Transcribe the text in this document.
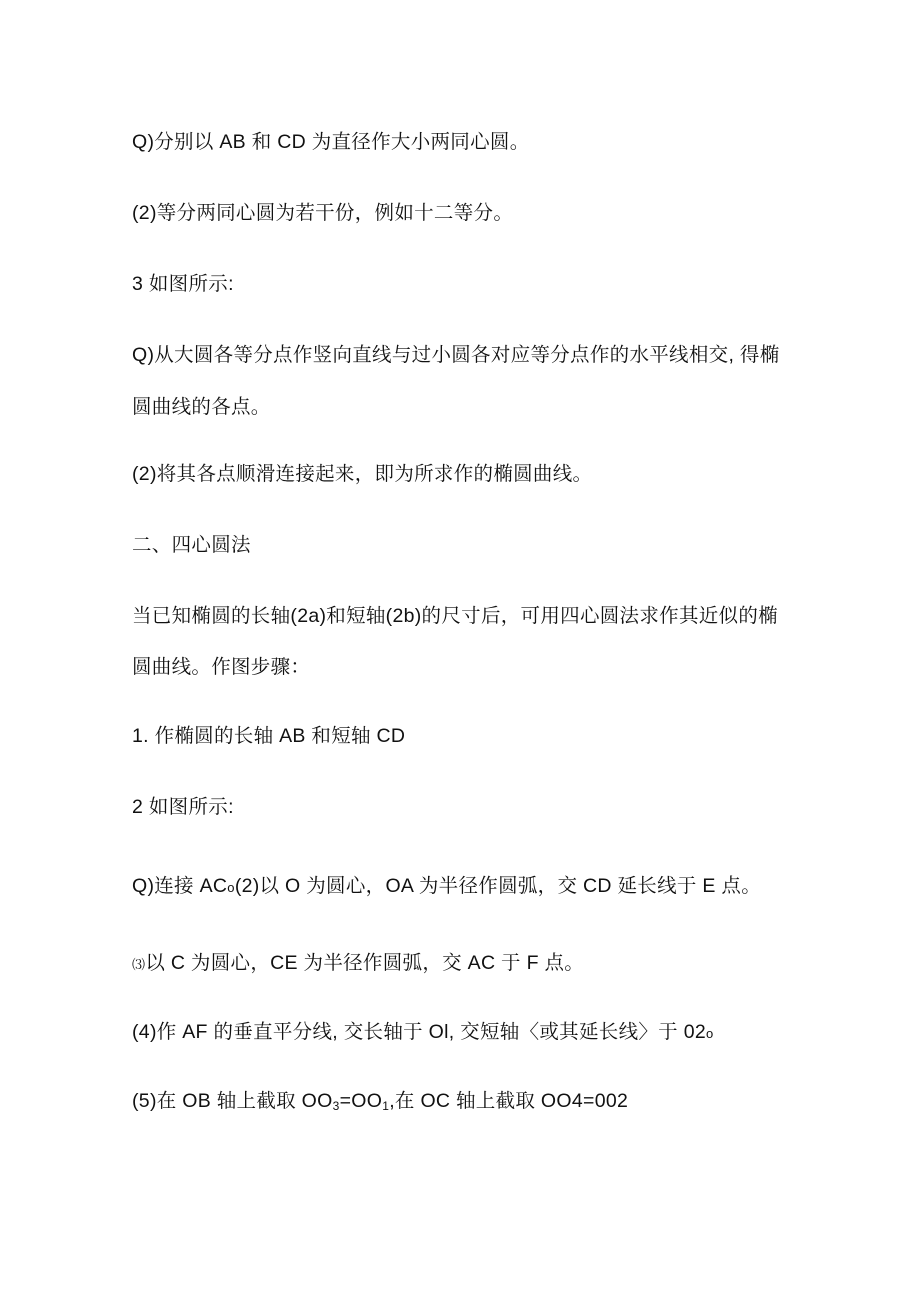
Q)分别以 AB 和 CD 为直径作大小两同心圆。
(2)等分两同心圆为若干份，例如十二等分。
3 如图所示:
Q)从大圆各等分点作竖向直线与过小圆各对应等分点作的水平线相交, 得椭
圆曲线的各点。
(2)将其各点顺滑连接起来，即为所求作的椭圆曲线。
二、四心圆法
当已知椭圆的长轴(2a)和短轴(2b)的尺寸后，可用四心圆法求作其近似的椭
圆曲线。作图步骤：
1. 作椭圆的长轴 AB 和短轴 CD
2 如图所示:
Q)连接 ACo(2)以 O 为圆心，OA 为半径作圆弧，交 CD 延长线于 E 点。
⑶以 C 为圆心，CE 为半径作圆弧，交 AC 于 F 点。
(4)作 AF 的垂直平分线, 交长轴于 Ol, 交短轴〈或其延长线〉于 02o
(5)在 OB 轴上截取 $OO_3=OO_1$,在 OC 轴上截取 OO4=002
